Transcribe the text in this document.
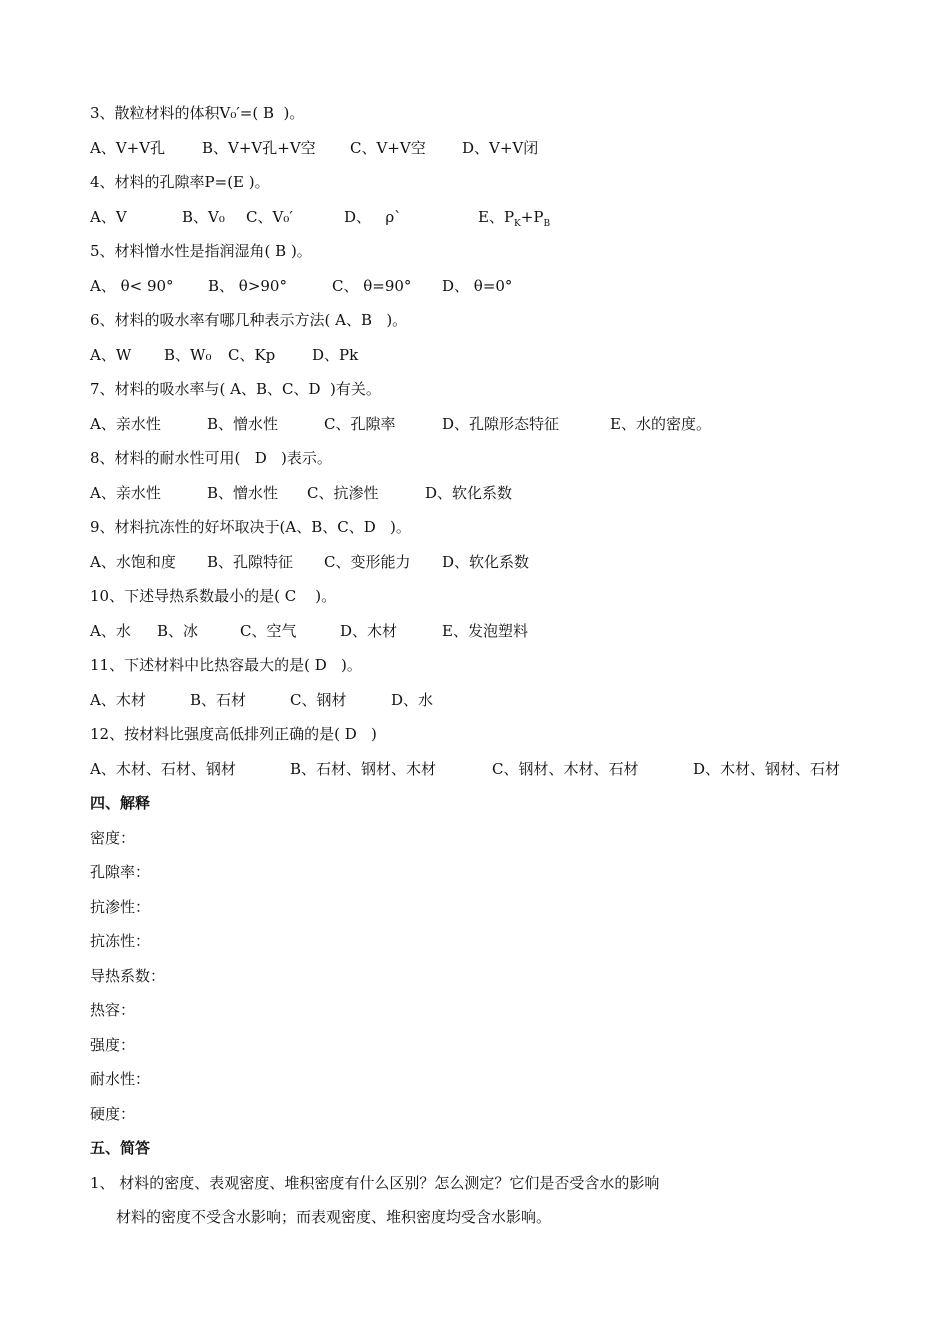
3、散粒材料的体积V₀′=( B  )。

A、V+V孔

B、V+V孔+V空

C、V+V空

D、V+V闭

4、材料的孔隙率P=(E )。

A、V

	B、V₀

C、V₀′

	D、   ρ`

	E、$P_K+P_B$

5、材料憎水性是指润湿角( B )。

A、 θ< 90°

B、 θ>90°

	C、 θ=90°

D、 θ=0°

6、材料的吸水率有哪几种表示方法( A、B   )。

A、W

B、W₀

C、Kp

D、Pk

7、材料的吸水率与( A、B、C、D  )有关。

A、亲水性

	B、憎水性

	C、孔隙率

	D、孔隙形态特征

	E、水的密度。

8、材料的耐水性可用(   D   )表示。

A、亲水性

	B、憎水性

C、抗渗性

	D、软化系数

9、材料抗冻性的好坏取决于(A、B、C、D   )。

A、水饱和度

B、孔隙特征

C、变形能力

D、软化系数

10、下述导热系数最小的是( C    )。

A、水

B、冰

	C、空气

	D、木材

	E、发泡塑料

11、下述材料中比热容最大的是( D   )。

A、木材

	B、石材

	C、钢材

	D、水

12、按材料比强度高低排列正确的是( D   )

A、木材、石材、钢材

	B、石材、钢材、木材

	C、钢材、木材、石材

	D、木材、钢材、石材

四、解释
密度：
孔隙率：
抗渗性：
抗冻性：
导热系数：
热容：
强度：
耐水性：
硬度：
五、简答
1、 材料的密度、表观密度、堆积密度有什么区别？怎么测定？它们是否受含水的影响
材料的密度不受含水影响；而表观密度、堆积密度均受含水影响。
